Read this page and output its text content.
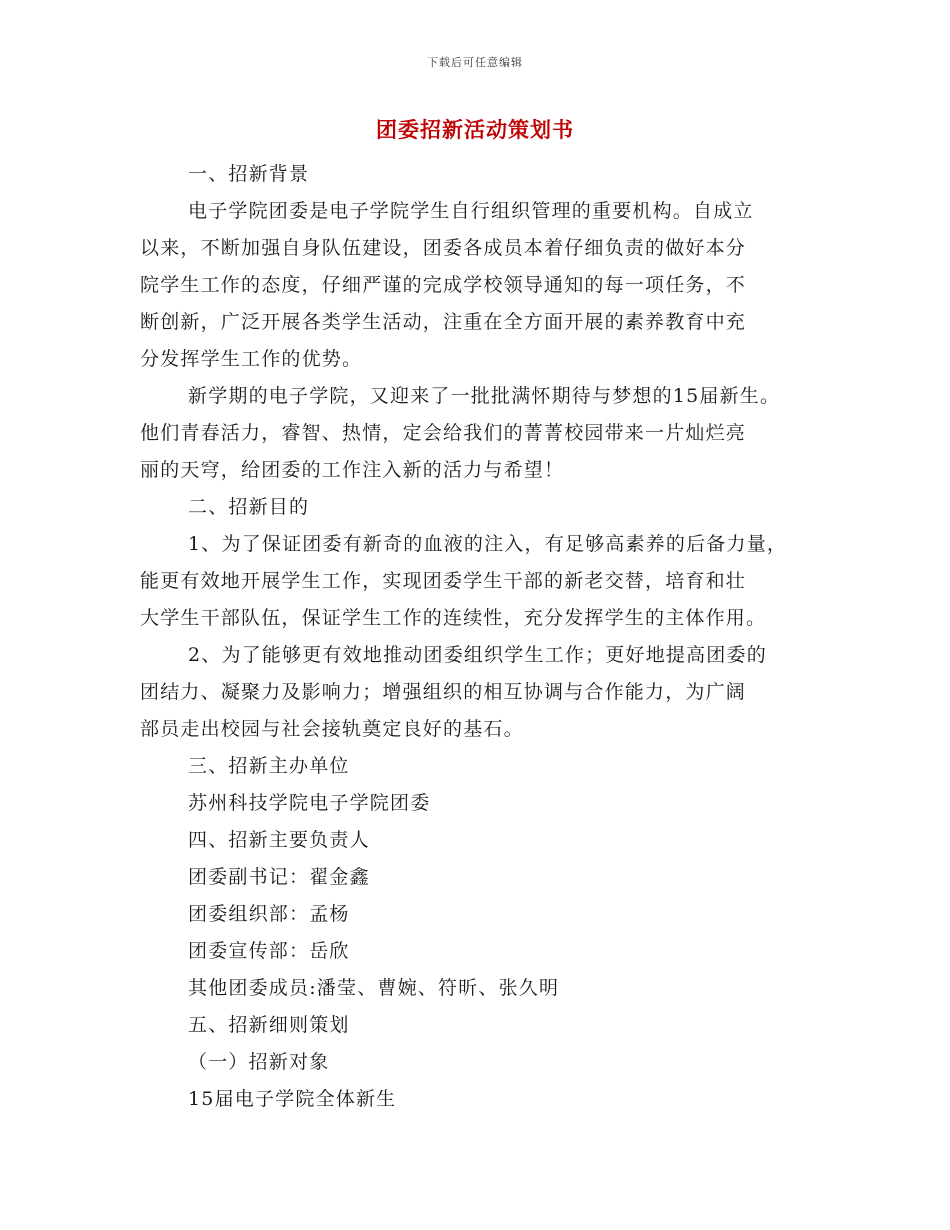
下载后可任意编辑
团委招新活动策划书
一、招新背景
电子学院团委是电子学院学生自行组织管理的重要机构。自成立
以来，不断加强自身队伍建设，团委各成员本着仔细负责的做好本分
院学生工作的态度，仔细严谨的完成学校领导通知的每一项任务，不
断创新，广泛开展各类学生活动，注重在全方面开展的素养教育中充
分发挥学生工作的优势。
新学期的电子学院，又迎来了一批批满怀期待与梦想的15届新生。
他们青春活力，睿智、热情，定会给我们的菁菁校园带来一片灿烂亮
丽的天穹，给团委的工作注入新的活力与希望！
二、招新目的
1、为了保证团委有新奇的血液的注入，有足够高素养的后备力量，
能更有效地开展学生工作，实现团委学生干部的新老交替，培育和壮
大学生干部队伍，保证学生工作的连续性，充分发挥学生的主体作用。
2、为了能够更有效地推动团委组织学生工作；更好地提高团委的
团结力、凝聚力及影响力；增强组织的相互协调与合作能力，为广阔
部员走出校园与社会接轨奠定良好的基石。
三、招新主办单位
苏州科技学院电子学院团委
四、招新主要负责人
团委副书记：翟金鑫
团委组织部：孟杨
团委宣传部：岳欣
其他团委成员:潘莹、曹婉、符昕、张久明
五、招新细则策划
（一）招新对象
15届电子学院全体新生
